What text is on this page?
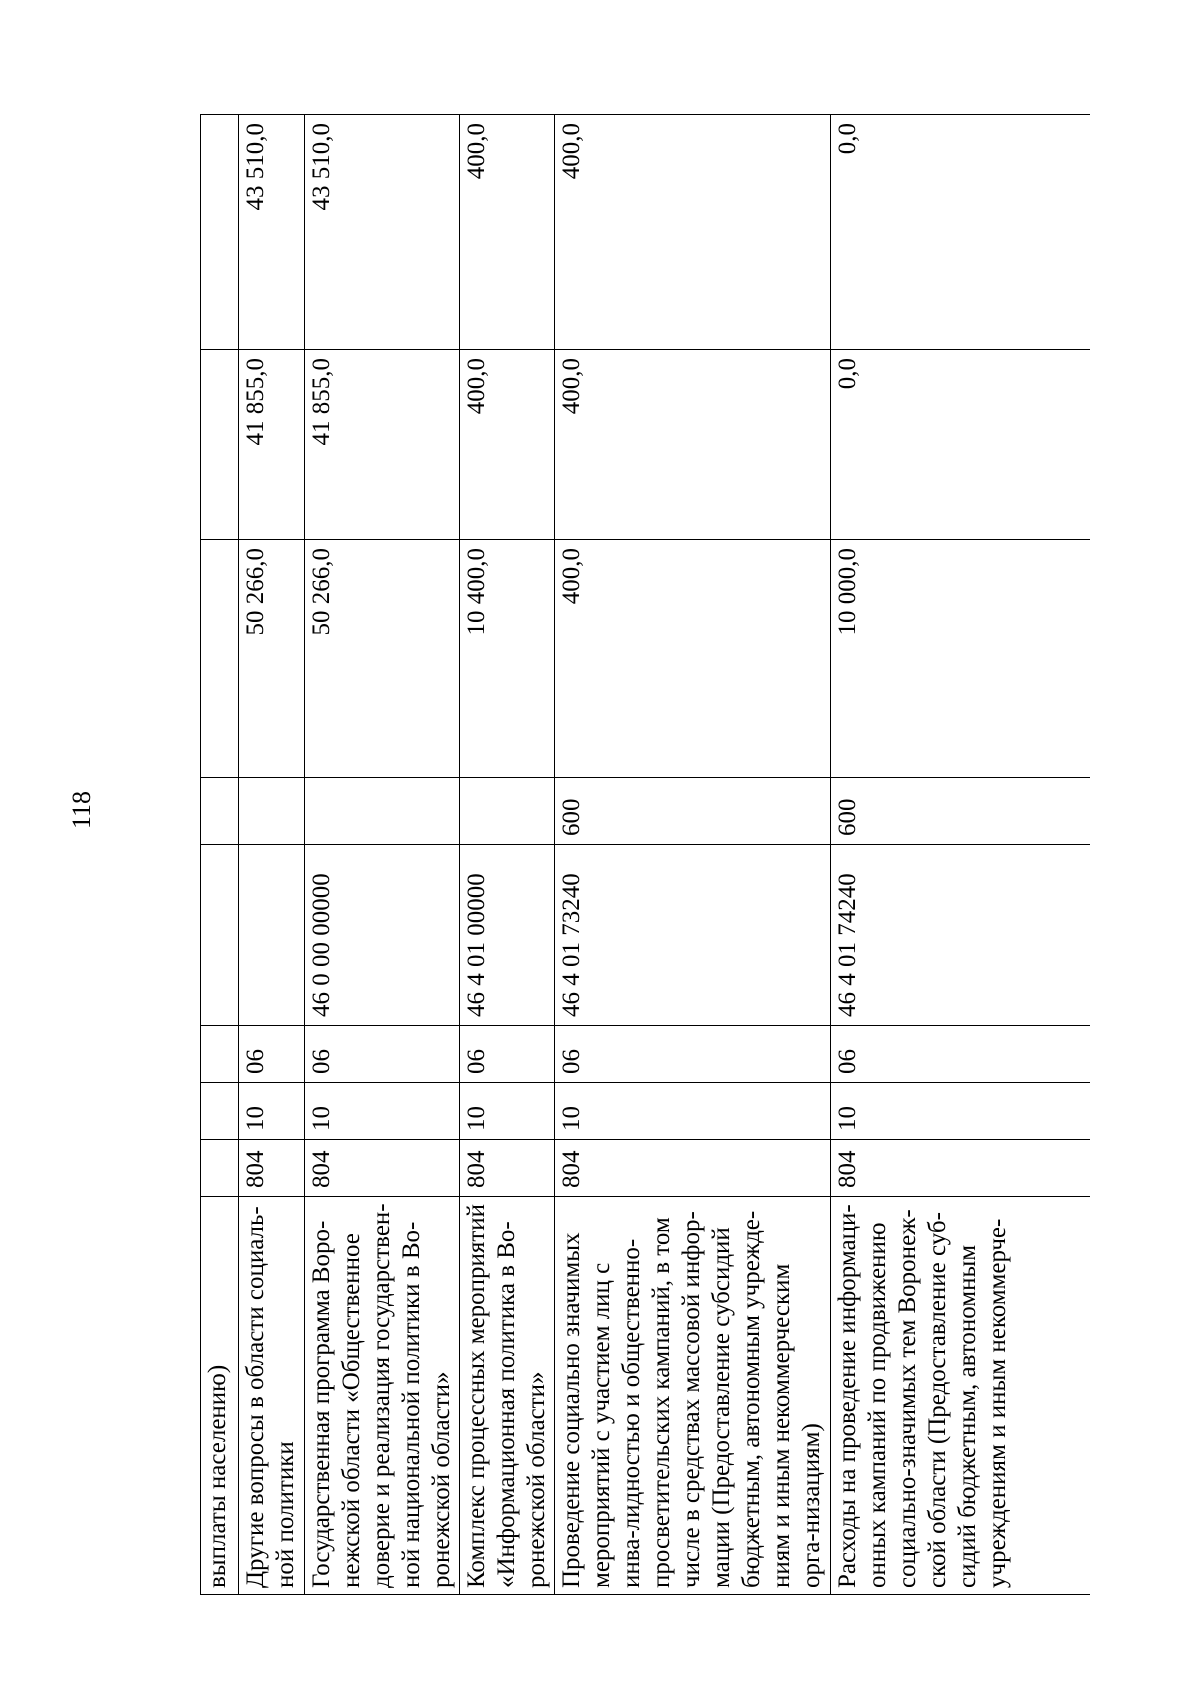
118
выплаты населению)								
Другие вопросы в области социаль-ной политики	804	10	06			50 266,0	41 855,0	43 510,0
Государственная программа Воро-нежской области «Общественное доверие и реализация государствен-ной национальной политики в Во-ронежской области»	804	10	06	46 0 00 00000		50 266,0	41 855,0	43 510,0
Комплекс процессных мероприятий «Информационная политика в Во-ронежской области»	804	10	06	46 4 01 00000		10 400,0	400,0	400,0
Проведение социально значимых мероприятий с участием лиц с инва-лидностью и общественно-просветительских кампаний, в том числе в средствах массовой инфор-мации (Предоставление субсидий бюджетным, автономным учрежде-ниям и иным некоммерческим орга-низациям)	804	10	06	46 4 01 73240	600	400,0	400,0	400,0
Расходы на проведение информаци-онных кампаний по продвижению социально-значимых тем Воронеж-ской области (Предоставление суб-сидий бюджетным, автономным учреждениям и иным некоммерче-	804	10	06	46 4 01 74240	600	10 000,0	0,0	0,0
